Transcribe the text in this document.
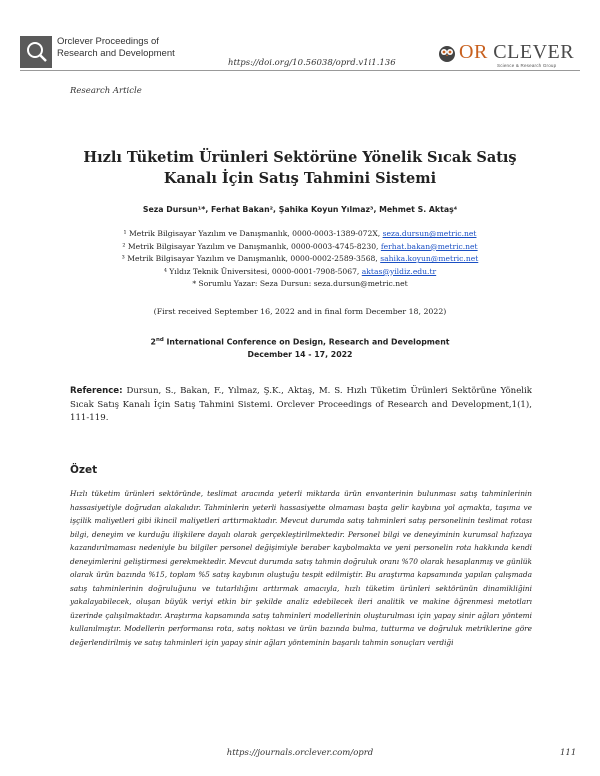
Orclever Proceedings of
Research and Development
https://doi.org/10.56038/oprd.v1i1.136	OR CLEVER
Science & Research Group
Research Article
Hızlı Tüketim Ürünleri Sektörüne Yönelik Sıcak Satış
Kanalı İçin Satış Tahmini Sistemi
Seza Dursun¹*, Ferhat Bakan², Şahika Koyun Yılmaz³, Mehmet S. Aktaş⁴
¹ Metrik Bilgisayar Yazılım ve Danışmanlık, 0000-0003-1389-072X, seza.dursun@metric.net
² Metrik Bilgisayar Yazılım ve Danışmanlık, 0000-0003-4745-8230, ferhat.bakan@metric.net
³ Metrik Bilgisayar Yazılım ve Danışmanlık, 0000-0002-2589-3568, sahika.koyun@metric.net
⁴ Yıldız Teknik Üniversitesi, 0000-0001-7908-5067, aktas@yildiz.edu.tr
* Sorumlu Yazar: Seza Dursun: seza.dursun@metric.net
(First received September 16, 2022 and in final form December 18, 2022)
2nd International Conference on Design, Research and Development
December 14 - 17, 2022
Reference: Dursun, S., Bakan, F., Yılmaz, Ş.K., Aktaş, M. S. Hızlı Tüketim Ürünleri Sektörüne Yönelik Sıcak Satış Kanalı İçin Satış Tahmini Sistemi. Orclever Proceedings of Research and Development,1(1), 111-119.
Özet
Hızlı tüketim ürünleri sektöründe, teslimat aracında yeterli miktarda ürün envanterinin bulunması satış tahminlerinin hassasiyetiyle doğrudan alakalıdır. Tahminlerin yeterli hassasiyette olmaması başta gelir kaybına yol açmakta, taşıma ve işçilik maliyetleri gibi ikincil maliyetleri arttırmaktadır. Mevcut durumda satış tahminleri satış personelinin teslimat rotası bilgi, deneyim ve kurduğu ilişkilere dayalı olarak gerçekleştirilmektedir. Personel bilgi ve deneyiminin kurumsal hafızaya kazandırılmaması nedeniyle bu bilgiler personel değişimiyle beraber kaybolmakta ve yeni personelin rota hakkında kendi deneyimlerini geliştirmesi gerekmektedir. Mevcut durumda satış tahmin doğruluk oranı %70 olarak hesaplanmış ve günlük olarak ürün bazında %15, toplam %5 satış kaybının oluştuğu tespit edilmiştir. Bu araştırma kapsamında yapılan çalışmada satış tahminlerinin doğruluğunu ve tutarlılığını arttırmak amacıyla, hızlı tüketim ürünleri sektörünün dinamikliğini yakalayabilecek, oluşan büyük veriyi etkin bir şekilde analiz edebilecek ileri analitik ve makine öğrenmesi metotları üzerinde çalışılmaktadır. Araştırma kapsamında satış tahminleri modellerinin oluşturulması için yapay sinir ağları yöntemi kullanılmıştır. Modellerin performansı rota, satış noktası ve ürün bazında bulma, tutturma ve doğruluk metriklerine göre değerlendirilmiş ve satış tahminleri için yapay sinir ağları yönteminin başarılı tahmin sonuçları verdiği
https://journals.orclever.com/oprd	111
